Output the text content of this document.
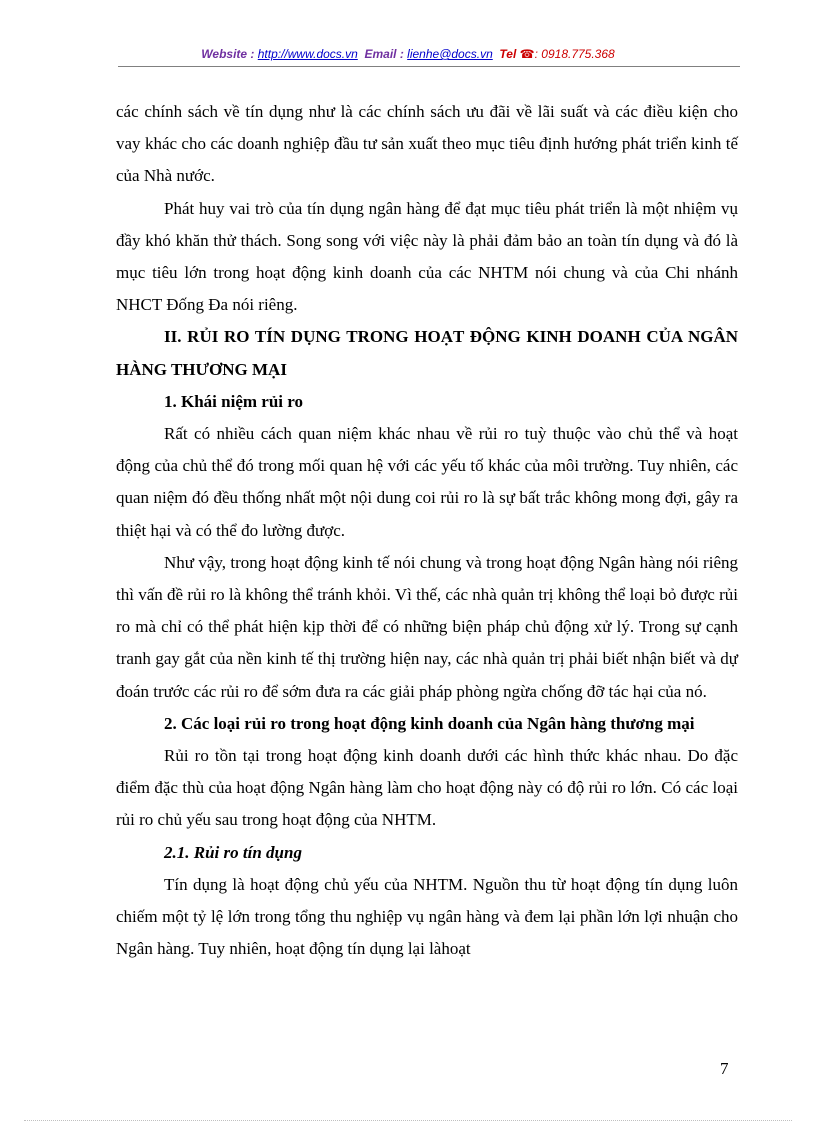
Website : http://www.docs.vn Email : lienhe@docs.vn Tel ☎: 0918.775.368

các chính sách về tín dụng như là các chính sách ưu đãi về lãi suất và các điều kiện cho vay khác cho các doanh nghiệp đầu tư sản xuất theo mục tiêu định hướng phát triển kinh tế của Nhà nước.

Phát huy vai trò của tín dụng ngân hàng để đạt mục tiêu phát triển là một nhiệm vụ đầy khó khăn thử thách. Song song với việc này là phải đảm bảo an toàn tín dụng và đó là mục tiêu lớn trong hoạt động kinh doanh của các NHTM nói chung và của Chi nhánh NHCT Đống Đa nói riêng.

II. RỦI RO TÍN DỤNG TRONG HOẠT ĐỘNG KINH DOANH CỦA NGÂN HÀNG THƯƠNG MẠI

1. Khái niệm rủi ro

Rất có nhiều cách quan niệm khác nhau về rủi ro tuỳ thuộc vào chủ thể và hoạt động của chủ thể đó trong mối quan hệ với các yếu tố khác của môi trường. Tuy nhiên, các quan niệm đó đều thống nhất một nội dung coi rủi ro là sự bất trắc không mong đợi, gây ra thiệt hại và có thể đo lường được.

Như vậy, trong hoạt động kinh tế nói chung và trong hoạt động Ngân hàng nói riêng thì vấn đề rủi ro là không thể tránh khỏi. Vì thế, các nhà quản trị không thể loại bỏ được rủi ro mà chỉ có thể phát hiện kịp thời để có những biện pháp chủ động xử lý. Trong sự cạnh tranh gay gắt của nền kinh tế thị trường hiện nay, các nhà quản trị phải biết nhận biết và dự đoán trước các rủi ro để sớm đưa ra các giải pháp phòng ngừa chống đỡ tác hại của nó.

2. Các loại rủi ro trong hoạt động kinh doanh của Ngân hàng thương mại

Rủi ro tồn tại trong hoạt động kinh doanh dưới các hình thức khác nhau. Do đặc điểm đặc thù của hoạt động Ngân hàng làm cho hoạt động này có độ rủi ro lớn. Có các loại rủi ro chủ yếu sau trong hoạt động của NHTM.

2.1. Rủi ro tín dụng

Tín dụng là hoạt động chủ yếu của NHTM. Nguồn thu từ hoạt động tín dụng luôn chiếm một tỷ lệ lớn trong tổng thu nghiệp vụ ngân hàng và đem lại phần lớn lợi nhuận cho Ngân hàng. Tuy nhiên, hoạt động tín dụng lại làhoạt

7
